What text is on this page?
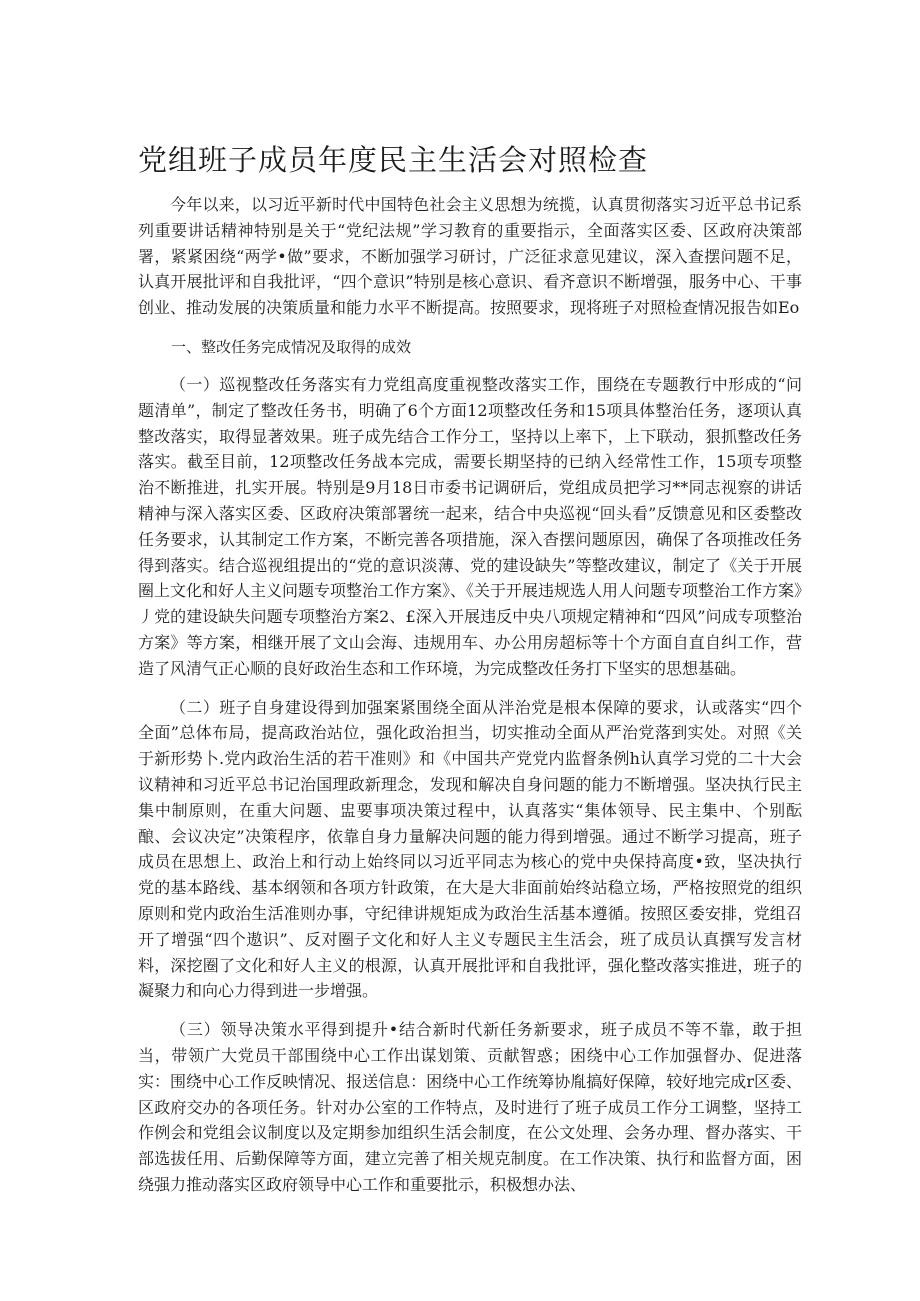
党组班子成员年度民主生活会对照检查

今年以来，以习近平新时代中国特色社会主义思想为统揽，认真贯彻落实习近平总书记系列重要讲话精神特别是关于“党纪法规”学习教育的重要指示，全面落实区委、区政府决策部署，紧紧困绕“两学•做”要求，不断加强学习研讨，广泛征求意见建议，深入查摆问题不足，认真开展批评和自我批评，“四个意识”特别是核心意识、看齐意识不断增强，服务中心、干事创业、推动发展的决策质量和能力水平不断提高。按照要求，现将班子对照检查情况报告如Eo

一、整改任务完成情况及取得的成效

（一）巡视整改任务落实有力党组高度重视整改落实工作，围绕在专题教行中形成的“问题清单”，制定了整改任务书，明确了6个方面12项整改任务和15项具体整治任务，逐项认真整改落实，取得显著效果。班子成先结合工作分工，坚持以上率下，上下联动，狠抓整改任务落实。截至目前，12项整改任务战本完成，需要长期坚持的已纳入经常性工作，15项专项整治不断推进，扎实开展。特别是9月18日市委书记调研后，党组成员把学习**同志视察的讲话精神与深入落实区委、区政府决策部署统一起来，结合中央巡视“回头看”反馈意见和区委整改任务要求，认其制定工作方案，不断完善各项措施，深入杳摆问题原因，确保了各项推改任务得到落实。结合巡视组提出的“党的意识淡薄、党的建设缺失”等整改建议，制定了《关于开展圈上文化和好人主义问题专项整治工作方案》、《关于开展违规选人用人问题专项整治工作方案》丿党的建设缺失问题专项整治方案2、£深入开展违反中央八项规定精神和“四风”问成专项整治方案》等方案，相继开展了文山会海、违规用车、办公用房超标等十个方面自直自纠工作，营造了风清气正心顺的良好政治生态和工作环境，为完成整改任务打下坚实的思想基础。

（二）班子自身建设得到加强案紧围绕全面从泮治党是根本保障的要求，认或落实“四个全面”总体布局，提高政治站位，强化政治担当，切实推动全面从严治党落到实处。对照《关于新形势卜.党内政治生活的若干准则》和《中国共产党党内监督条例h认真学习党的二十大会议精神和习近平总书记治国理政新理念，发现和解决自身问题的能力不断增强。坚决执行民主集中制原则，在重大问题、盅要事项决策过程中，认真落实“集体领导、民主集中、个别酝酿、会议决定”决策程序，依靠自身力量解决问题的能力得到增强。通过不断学习提高，班子成员在思想上、政治上和行动上始终同以习近平同志为核心的党中央保持高度•致，坚决执行党的基本路线、基本纲领和各项方针政策，在大是大非面前始终站稳立场，严格按照党的组织原则和党内政治生活准则办事，守纪律讲规矩成为政治生活基本遵循。按照区委安排，党组召开了增强“四个遨识”、反对圈子文化和好人主义专题民主生活会，班了成员认真撰写发言材料，深挖圈了文化和好人主义的根源，认真开展批评和自我批评，强化整改落实推进，班子的凝聚力和向心力得到进一步增强。

（三）领导决策水平得到提升•结合新时代新任务新要求，班子成员不等不靠，敢于担当，带领广大党员干部围绕中心工作出谋划策、贡献智惑；困绕中心工作加强督办、促进落实：围绕中心工作反映情况、报送信息：困绕中心工作统筹协胤搞好保障，较好地完成r区委、区政府交办的各项任务。针对办公室的工作特点，及时进行了班子成员工作分工调整，坚持工作例会和党组会议制度以及定期参加组织生活会制度，在公文处理、会务办理、督办落实、干部选拔任用、后勤保障等方面，建立完善了相关规克制度。在工作决策、执行和监督方面，困绕强力推动落实区政府领导中心工作和重要批示，积极想办法、
